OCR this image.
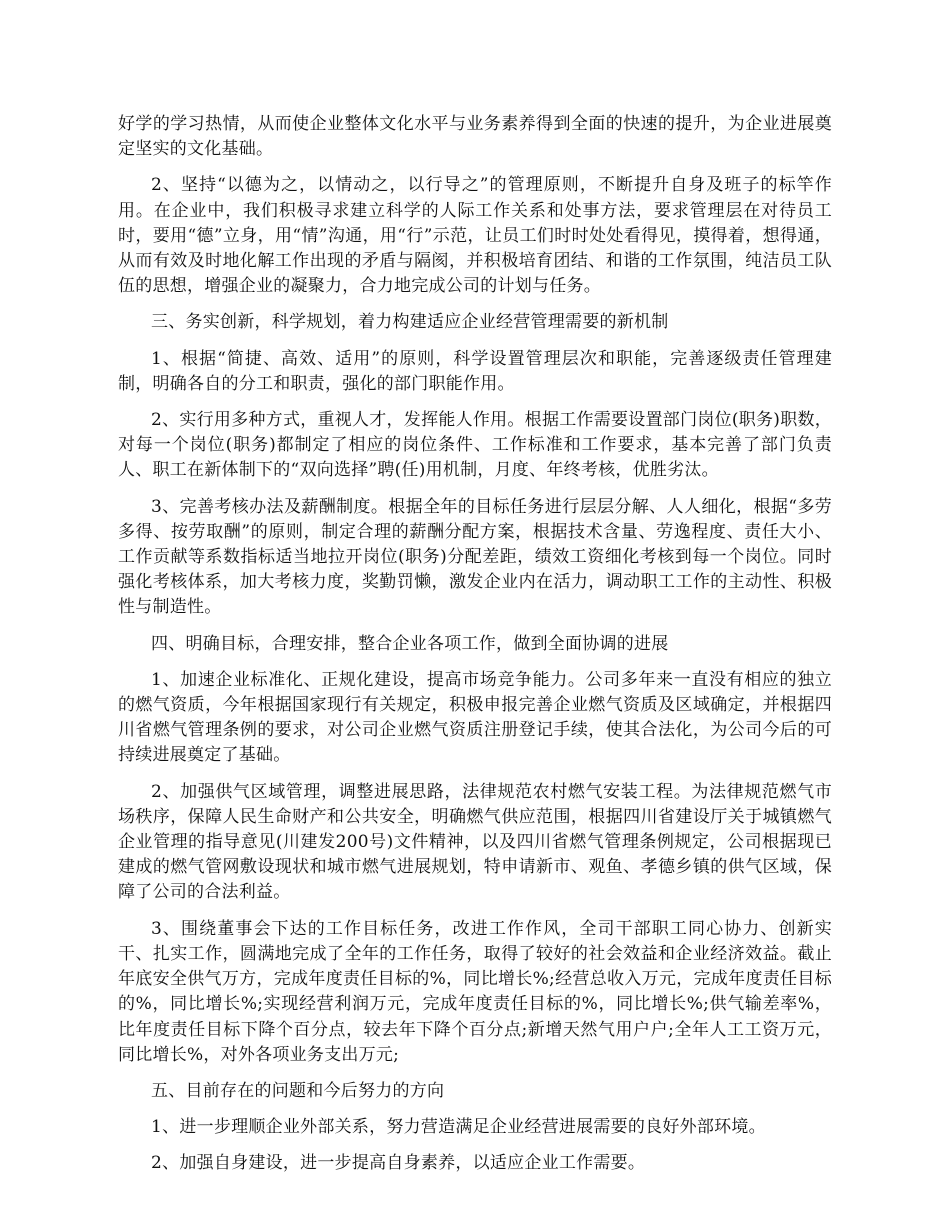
好学的学习热情，从而使企业整体文化水平与业务素养得到全面的快速的提升，为企业进展奠定坚实的文化基础。

2、坚持“以德为之，以情动之，以行导之”的管理原则，不断提升自身及班子的标竿作用。在企业中，我们积极寻求建立科学的人际工作关系和处事方法，要求管理层在对待员工时，要用“德”立身，用“情”沟通，用“行”示范，让员工们时时处处看得见，摸得着，想得通，从而有效及时地化解工作出现的矛盾与隔阂，并积极培育团结、和谐的工作氛围，纯洁员工队伍的思想，增强企业的凝聚力，合力地完成公司的计划与任务。

三、务实创新，科学规划，着力构建适应企业经营管理需要的新机制

1、根据“简捷、高效、适用”的原则，科学设置管理层次和职能，完善逐级责任管理建制，明确各自的分工和职责，强化的部门职能作用。

2、实行用多种方式，重视人才，发挥能人作用。根据工作需要设置部门岗位(职务)职数，对每一个岗位(职务)都制定了相应的岗位条件、工作标准和工作要求，基本完善了部门负责人、职工在新体制下的“双向选择”聘(任)用机制，月度、年终考核，优胜劣汰。

3、完善考核办法及薪酬制度。根据全年的目标任务进行层层分解、人人细化，根据“多劳多得、按劳取酬”的原则，制定合理的薪酬分配方案，根据技术含量、劳逸程度、责任大小、工作贡献等系数指标适当地拉开岗位(职务)分配差距，绩效工资细化考核到每一个岗位。同时强化考核体系，加大考核力度，奖勤罚懒，激发企业内在活力，调动职工工作的主动性、积极性与制造性。

四、明确目标，合理安排，整合企业各项工作，做到全面协调的进展

1、加速企业标准化、正规化建设，提高市场竞争能力。公司多年来一直没有相应的独立的燃气资质，今年根据国家现行有关规定，积极申报完善企业燃气资质及区域确定，并根据四川省燃气管理条例的要求，对公司企业燃气资质注册登记手续，使其合法化，为公司今后的可持续进展奠定了基础。

2、加强供气区域管理，调整进展思路，法律规范农村燃气安装工程。为法律规范燃气市场秩序，保障人民生命财产和公共安全，明确燃气供应范围，根据四川省建设厅关于城镇燃气企业管理的指导意见(川建发200号)文件精神，以及四川省燃气管理条例规定，公司根据现已建成的燃气管网敷设现状和城市燃气进展规划，特申请新市、观鱼、孝德乡镇的供气区域，保障了公司的合法利益。

3、围绕董事会下达的工作目标任务，改进工作作风，全司干部职工同心协力、创新实干、扎实工作，圆满地完成了全年的工作任务，取得了较好的社会效益和企业经济效益。截止年底安全供气万方，完成年度责任目标的%，同比增长%;经营总收入万元，完成年度责任目标的%，同比增长%;实现经营利润万元，完成年度责任目标的%，同比增长%;供气输差率%，比年度责任目标下降个百分点，较去年下降个百分点;新增天然气用户户;全年人工工资万元，同比增长%，对外各项业务支出万元;

五、目前存在的问题和今后努力的方向

1、进一步理顺企业外部关系，努力营造满足企业经营进展需要的良好外部环境。

2、加强自身建设，进一步提高自身素养，以适应企业工作需要。
